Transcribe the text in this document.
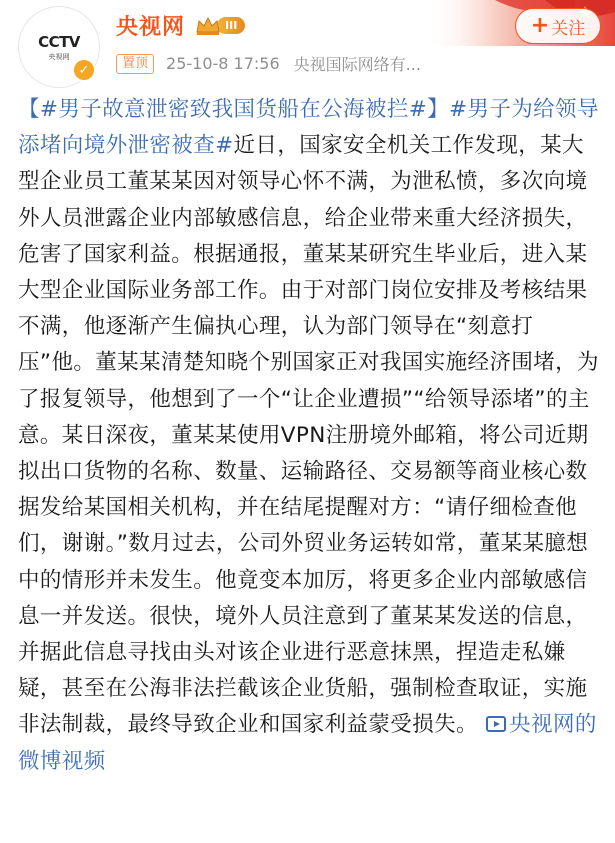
CCTV
央视网
✓
央视网	III
置顶	25-10-8 17:56 央视国际网络有...
+ 关注
【#男子故意泄密致我国货船在公海被拦#】#男子为给领导添堵向境外泄密被查#近日，国家安全机关工作发现，某大型企业员工董某某因对领导心怀不满，为泄私愤，多次向境外人员泄露企业内部敏感信息，给企业带来重大经济损失，危害了国家利益。根据通报，董某某研究生毕业后，进入某大型企业国际业务部工作。由于对部门岗位安排及考核结果不满，他逐渐产生偏执心理，认为部门领导在“刻意打压”他。董某某清楚知晓个别国家正对我国实施经济围堵，为了报复领导，他想到了一个“让企业遭损”“给领导添堵”的主意。某日深夜，董某某使用VPN注册境外邮箱，将公司近期拟出口货物的名称、数量、运输路径、交易额等商业核心数据发给某国相关机构，并在结尾提醒对方：“请仔细检查他们，谢谢。”数月过去，公司外贸业务运转如常，董某某臆想中的情形并未发生。他竟变本加厉，将更多企业内部敏感信息一并发送。很快，境外人员注意到了董某某发送的信息，并据此信息寻找由头对该企业进行恶意抹黑，捏造走私嫌疑，甚至在公海非法拦截该企业货船，强制检查取证，实施非法制裁，最终导致企业和国家利益蒙受损失。 央视网的微博视频
